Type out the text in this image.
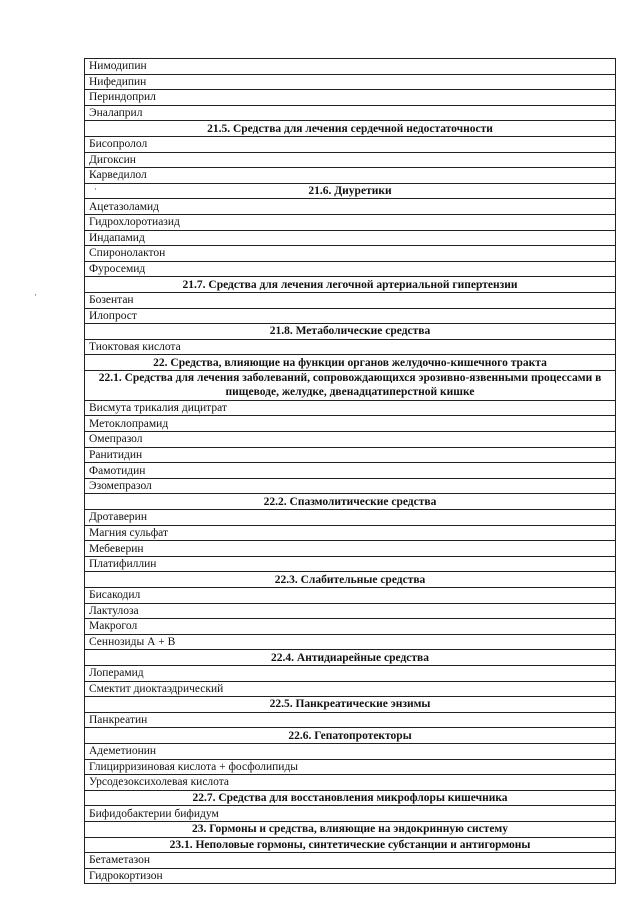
·
·
Нимодипин
Нифедипин
Периндоприл
Эналаприл
21.5. Средства для лечения сердечной недостаточности
Бисопролол
Дигоксин
Карведилол
21.6. Диуретики
Ацетазоламид
Гидрохлоротиазид
Индапамид
Спиронолактон
Фуросемид
21.7. Средства для лечения легочной артериальной гипертензии
Бозентан
Илопрост
21.8. Метаболические средства
Тиоктовая кислота
22. Средства, влияющие на функции органов желудочно-кишечного тракта
22.1. Средства для лечения заболеваний, сопровождающихся эрозивно-язвенными процессами в пищеводе, желудке, двенадцатиперстной кишке
Висмута трикалия дицитрат
Метоклопрамид
Омепразол
Ранитидин
Фамотидин
Эзомепразол
22.2. Спазмолитические средства
Дротаверин
Магния сульфат
Мебеверин
Платифиллин
22.3. Слабительные средства
Бисакодил
Лактулоза
Макрогол
Сеннозиды А + В
22.4. Антидиарейные средства
Лоперамид
Смектит диоктаэдрический
22.5. Панкреатические энзимы
Панкреатин
22.6. Гепатопротекторы
Адеметионин
Глицирризиновая кислота + фосфолипиды
Урсодезоксихолевая кислота
22.7. Средства для восстановления микрофлоры кишечника
Бифидобактерии бифидум
23. Гормоны и средства, влияющие на эндокринную систему
23.1. Неполовые гормоны, синтетические субстанции и антигормоны
Бетаметазон
Гидрокортизон
